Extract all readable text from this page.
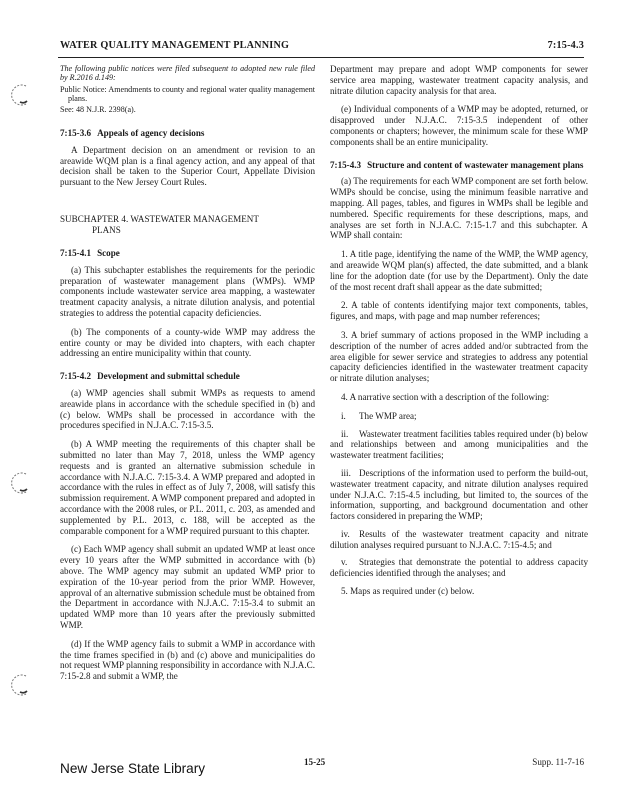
WATER QUALITY MANAGEMENT PLANNING	7:15-4.3

The following public notices were filed subsequent to adopted new rule filed by R.2016 d.149:

Public Notice: Amendments to county and regional water quality management plans.

See: 48 N.J.R. 2398(a).

7:15-3.6 Appeals of agency decisions

A Department decision on an amendment or revision to an areawide WQM plan is a final agency action, and any appeal of that decision shall be taken to the Superior Court, Appellate Division pursuant to the New Jersey Court Rules.

SUBCHAPTER 4. WASTEWATER MANAGEMENT
PLANS

7:15-4.1 Scope

(a) This subchapter establishes the requirements for the periodic preparation of wastewater management plans (WMPs). WMP components include wastewater service area mapping, a wastewater treatment capacity analysis, a nitrate dilution analysis, and potential strategies to address the potential capacity deficiencies.

(b) The components of a county-wide WMP may address the entire county or may be divided into chapters, with each chapter addressing an entire municipality within that county.

7:15-4.2 Development and submittal schedule

(a) WMP agencies shall submit WMPs as requests to amend areawide plans in accordance with the schedule specified in (b) and (c) below. WMPs shall be processed in accordance with the procedures specified in N.J.A.C. 7:15-3.5.

(b) A WMP meeting the requirements of this chapter shall be submitted no later than May 7, 2018, unless the WMP agency requests and is granted an alternative submission schedule in accordance with N.J.A.C. 7:15-3.4. A WMP prepared and adopted in accordance with the rules in effect as of July 7, 2008, will satisfy this submission requirement. A WMP component prepared and adopted in accordance with the 2008 rules, or P.L. 2011, c. 203, as amended and supplemented by P.L. 2013, c. 188, will be accepted as the comparable component for a WMP required pursuant to this chapter.

(c) Each WMP agency shall submit an updated WMP at least once every 10 years after the WMP submitted in accordance with (b) above. The WMP agency may submit an updated WMP prior to expiration of the 10-year period from the prior WMP. However, approval of an alternative submission schedule must be obtained from the Department in accordance with N.J.A.C. 7:15-3.4 to submit an updated WMP more than 10 years after the previously submitted WMP.

(d) If the WMP agency fails to submit a WMP in accordance with the time frames specified in (b) and (c) above and municipalities do not request WMP planning responsibility in accordance with N.J.A.C. 7:15-2.8 and submit a WMP, the

Department may prepare and adopt WMP components for sewer service area mapping, wastewater treatment capacity analysis, and nitrate dilution capacity analysis for that area.

(e) Individual components of a WMP may be adopted, returned, or disapproved under N.J.A.C. 7:15-3.5 independent of other components or chapters; however, the minimum scale for these WMP components shall be an entire municipality.

7:15-4.3 Structure and content of wastewater management plans

(a) The requirements for each WMP component are set forth below. WMPs should be concise, using the minimum feasible narrative and mapping. All pages, tables, and figures in WMPs shall be legible and numbered. Specific requirements for these descriptions, maps, and analyses are set forth in N.J.A.C. 7:15-1.7 and this subchapter. A WMP shall contain:

1. A title page, identifying the name of the WMP, the WMP agency, and areawide WQM plan(s) affected, the date submitted, and a blank line for the adoption date (for use by the Department). Only the date of the most recent draft shall appear as the date submitted;

2. A table of contents identifying major text components, tables, figures, and maps, with page and map number references;

3. A brief summary of actions proposed in the WMP including a description of the number of acres added and/or subtracted from the area eligible for sewer service and strategies to address any potential capacity deficiencies identified in the wastewater treatment capacity or nitrate dilution analyses;

4. A narrative section with a description of the following:

i. The WMP area;

ii. Wastewater treatment facilities tables required under (b) below and relationships between and among municipalities and the wastewater treatment facilities;

iii. Descriptions of the information used to perform the build-out, wastewater treatment capacity, and nitrate dilution analyses required under N.J.A.C. 7:15-4.5 including, but limited to, the sources of the information, supporting, and background documentation and other factors considered in preparing the WMP;

iv. Results of the wastewater treatment capacity and nitrate dilution analyses required pursuant to N.J.A.C. 7:15-4.5; and

v. Strategies that demonstrate the potential to address capacity deficiencies identified through the analyses; and

5. Maps as required under (c) below.

New Jerse State Library	15-25	Supp. 11-7-16
